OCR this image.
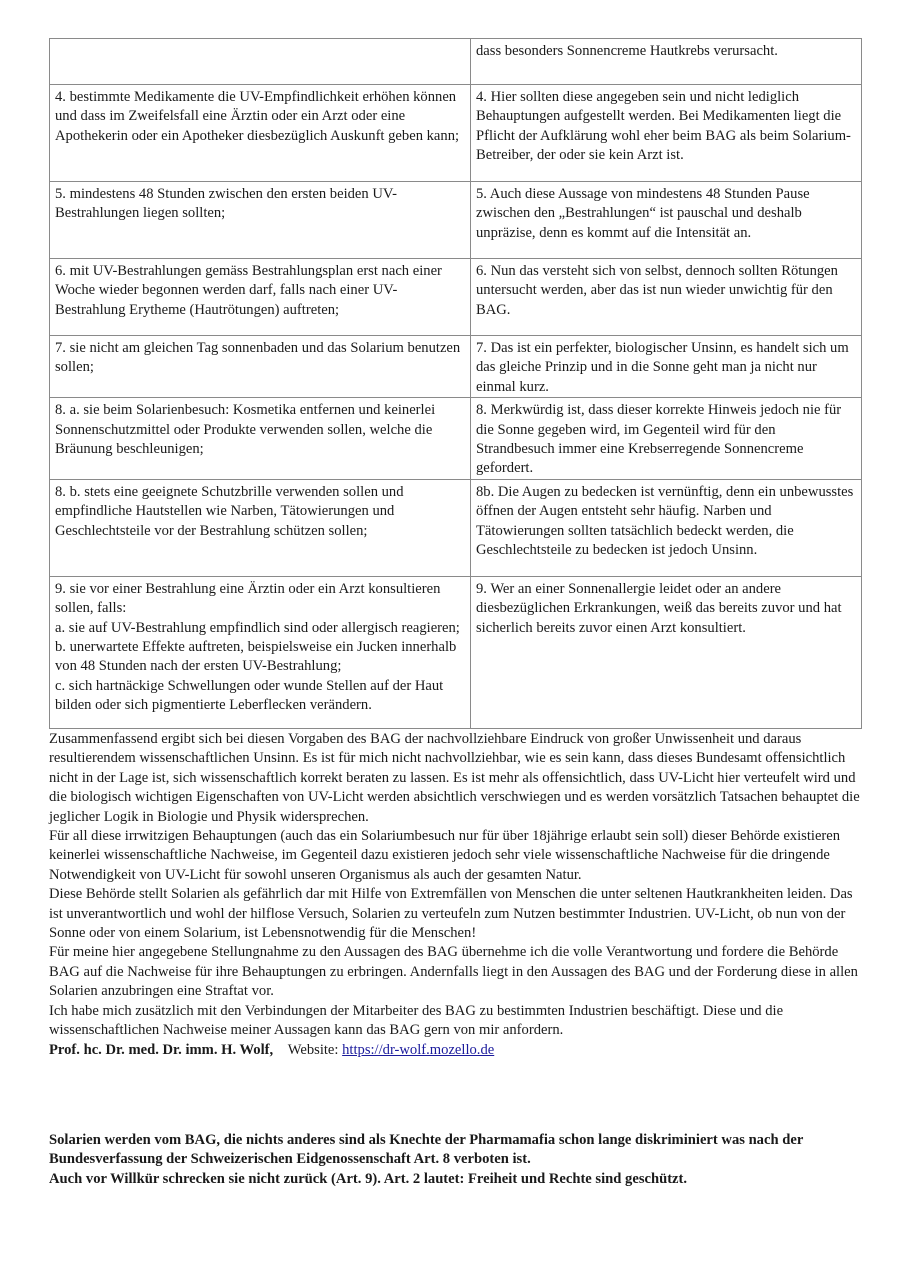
	dass besonders Sonnencreme Hautkrebs verursacht.

4. bestimmte Medikamente die UV-Empfindlichkeit erhöhen können und dass im Zweifelsfall eine Ärztin oder ein Arzt oder eine Apothekerin oder ein Apotheker diesbezüglich Auskunft geben kann;	4. Hier sollten diese angegeben sein und nicht lediglich Behauptungen aufgestellt werden. Bei Medikamenten liegt die Pflicht der Aufklärung wohl eher beim BAG als beim Solarium-Betreiber, der oder sie kein Arzt ist.

5. mindestens 48 Stunden zwischen den ersten beiden UV-Bestrahlungen liegen sollten;	5. Auch diese Aussage von mindestens 48 Stunden Pause zwischen den „Bestrahlungen“ ist pauschal und deshalb unpräzise, denn es kommt auf die Intensität an.

6. mit UV-Bestrahlungen gemäss Bestrahlungsplan erst nach einer Woche wieder begonnen werden darf, falls nach einer UV-Bestrahlung Erytheme (Hautrötungen) auftreten;	6. Nun das versteht sich von selbst, dennoch sollten Rötungen untersucht werden, aber das ist nun wieder unwichtig für den BAG.

7. sie nicht am gleichen Tag sonnenbaden und das Solarium benutzen sollen;	7. Das ist ein perfekter, biologischer Unsinn, es handelt sich um das gleiche Prinzip und in die Sonne geht man ja nicht nur einmal kurz.

8. a. sie beim Solarienbesuch: Kosmetika entfernen und keinerlei Sonnenschutzmittel oder Produkte verwenden sollen, welche die Bräunung beschleunigen;	8. Merkwürdig ist, dass dieser korrekte Hinweis jedoch nie für die Sonne gegeben wird, im Gegenteil wird für den Strandbesuch immer eine Krebserregende Sonnencreme gefordert.

8. b. stets eine geeignete Schutzbrille verwenden sollen und empfindliche Hautstellen wie Narben, Tätowierungen und Geschlechtsteile vor der Bestrahlung schützen sollen;	8b. Die Augen zu bedecken ist vernünftig, denn ein unbewusstes öffnen der Augen entsteht sehr häufig. Narben und Tätowierungen sollten tatsächlich bedeckt werden, die Geschlechtsteile zu bedecken ist jedoch Unsinn.

9. sie vor einer Bestrahlung eine Ärztin oder ein Arzt konsultieren sollen, falls:

a. sie auf UV-Bestrahlung empfindlich sind oder allergisch reagieren;

b. unerwartete Effekte auftreten, beispielsweise ein Jucken innerhalb von 48 Stunden nach der ersten UV-Bestrahlung;

c. sich hartnäckige Schwellungen oder wunde Stellen auf der Haut bilden oder sich pigmentierte Leberflecken verändern.	9. Wer an einer Sonnenallergie leidet oder an andere diesbezüglichen Erkrankungen, weiß das bereits zuvor und hat sicherlich bereits zuvor einen Arzt konsultiert.

Zusammenfassend ergibt sich bei diesen Vorgaben des BAG der nachvollziehbare Eindruck von großer Unwissenheit und daraus resultierendem wissenschaftlichen Unsinn. Es ist für mich nicht nachvollziehbar, wie es sein kann, dass dieses Bundesamt offensichtlich nicht in der Lage ist, sich wissenschaftlich korrekt beraten zu lassen. Es ist mehr als offensichtlich, dass UV-Licht hier verteufelt wird und die biologisch wichtigen Eigenschaften von UV-Licht werden absichtlich verschwiegen und es werden vorsätzlich Tatsachen behauptet die jeglicher Logik in Biologie und Physik widersprechen.

Für all diese irrwitzigen Behauptungen (auch das ein Solariumbesuch nur für über 18jährige erlaubt sein soll) dieser Behörde existieren keinerlei wissenschaftliche Nachweise, im Gegenteil dazu existieren jedoch sehr viele wissenschaftliche Nachweise für die dringende Notwendigkeit von UV-Licht für sowohl unseren Organismus als auch der gesamten Natur.

Diese Behörde stellt Solarien als gefährlich dar mit Hilfe von Extremfällen von Menschen die unter seltenen Hautkrankheiten leiden. Das ist unverantwortlich und wohl der hilflose Versuch, Solarien zu verteufeln zum Nutzen bestimmter Industrien. UV-Licht, ob nun von der Sonne oder von einem Solarium, ist Lebensnotwendig für die Menschen!

Für meine hier angegebene Stellungnahme zu den Aussagen des BAG übernehme ich die volle Verantwortung und fordere die Behörde BAG auf die Nachweise für ihre Behauptungen zu erbringen. Andernfalls liegt in den Aussagen des BAG und der Forderung diese in allen Solarien anzubringen eine Straftat vor.

Ich habe mich zusätzlich mit den Verbindungen der Mitarbeiter des BAG zu bestimmten Industrien beschäftigt. Diese und die wissenschaftlichen Nachweise meiner Aussagen kann das BAG gern von mir anfordern.

Prof. hc. Dr. med. Dr. imm. H. Wolf, Website: https://dr-wolf.mozello.de

Solarien werden vom BAG, die nichts anderes sind als Knechte der Pharmamafia schon lange diskriminiert was nach der Bundesverfassung der Schweizerischen Eidgenossenschaft Art. 8 verboten ist.

Auch vor Willkür schrecken sie nicht zurück (Art. 9). Art. 2 lautet: Freiheit und Rechte sind geschützt.
